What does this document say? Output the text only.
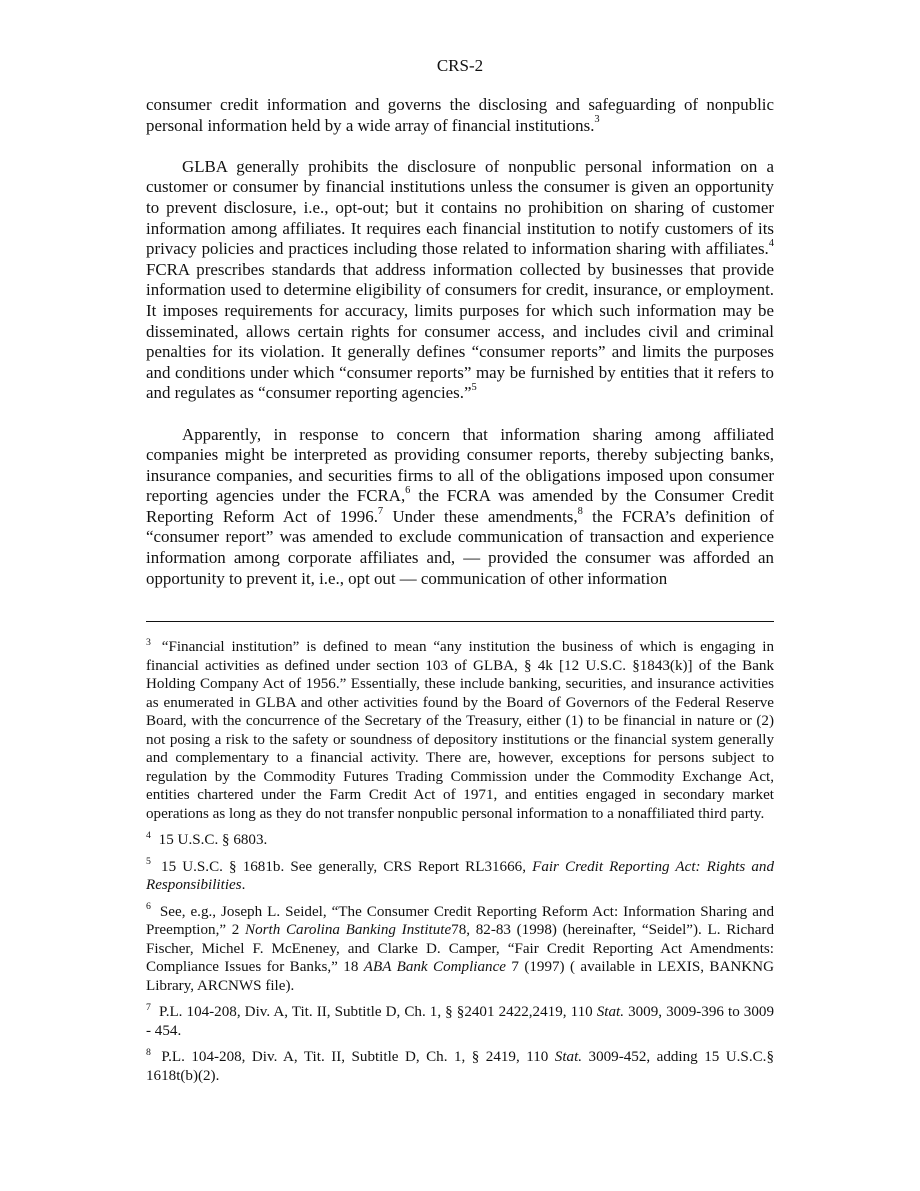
CRS-2

consumer credit information and governs the disclosing and safeguarding of nonpublic personal information held by a wide array of financial institutions.$^3$

GLBA generally prohibits the disclosure of nonpublic personal information on a customer or consumer by financial institutions unless the consumer is given an opportunity to prevent disclosure, i.e., opt-out; but it contains no prohibition on sharing of customer information among affiliates. It requires each financial institution to notify customers of its privacy policies and practices including those related to information sharing with affiliates.$^4$ FCRA prescribes standards that address information collected by businesses that provide information used to determine eligibility of consumers for credit, insurance, or employment. It imposes requirements for accuracy, limits purposes for which such information may be disseminated, allows certain rights for consumer access, and includes civil and criminal penalties for its violation. It generally defines “consumer reports” and limits the purposes and conditions under which “consumer reports” may be furnished by entities that it refers to and regulates as “consumer reporting agencies.”$^5$

Apparently, in response to concern that information sharing among affiliated companies might be interpreted as providing consumer reports, thereby subjecting banks, insurance companies, and securities firms to all of the obligations imposed upon consumer reporting agencies under the FCRA,$^6$ the FCRA was amended by the Consumer Credit Reporting Reform Act of 1996.$^7$ Under these amendments,$^8$ the FCRA’s definition of “consumer report” was amended to exclude communication of transaction and experience information among corporate affiliates and, — provided the consumer was afforded an opportunity to prevent it, i.e., opt out — communication of other information

$^3$ “Financial institution” is defined to mean “any institution the business of which is engaging in financial activities as defined under section 103 of GLBA, § 4k [12 U.S.C. §1843(k)] of the Bank Holding Company Act of 1956.” Essentially, these include banking, securities, and insurance activities as enumerated in GLBA and other activities found by the Board of Governors of the Federal Reserve Board, with the concurrence of the Secretary of the Treasury, either (1) to be financial in nature or (2) not posing a risk to the safety or soundness of depository institutions or the financial system generally and complementary to a financial activity. There are, however, exceptions for persons subject to regulation by the Commodity Futures Trading Commission under the Commodity Exchange Act, entities chartered under the Farm Credit Act of 1971, and entities engaged in secondary market operations as long as they do not transfer nonpublic personal information to a nonaffiliated third party.
$^4$ 15 U.S.C. § 6803.
$^5$ 15 U.S.C. § 1681b. See generally, CRS Report RL31666, Fair Credit Reporting Act: Rights and Responsibilities.
$^6$ See, e.g., Joseph L. Seidel, “The Consumer Credit Reporting Reform Act: Information Sharing and Preemption,” 2 North Carolina Banking Institute78, 82-83 (1998) (hereinafter, “Seidel”). L. Richard Fischer, Michel F. McEneney, and Clarke D. Camper, “Fair Credit Reporting Act Amendments: Compliance Issues for Banks,” 18 ABA Bank Compliance 7 (1997) ( available in LEXIS, BANKNG Library, ARCNWS file).
$^7$ P.L. 104-208, Div. A, Tit. II, Subtitle D, Ch. 1, § §2401 2422,2419, 110 Stat. 3009, 3009-396 to 3009 - 454.
$^8$ P.L. 104-208, Div. A, Tit. II, Subtitle D, Ch. 1, § 2419, 110 Stat. 3009-452, adding 15 U.S.C.§ 1618t(b)(2).
